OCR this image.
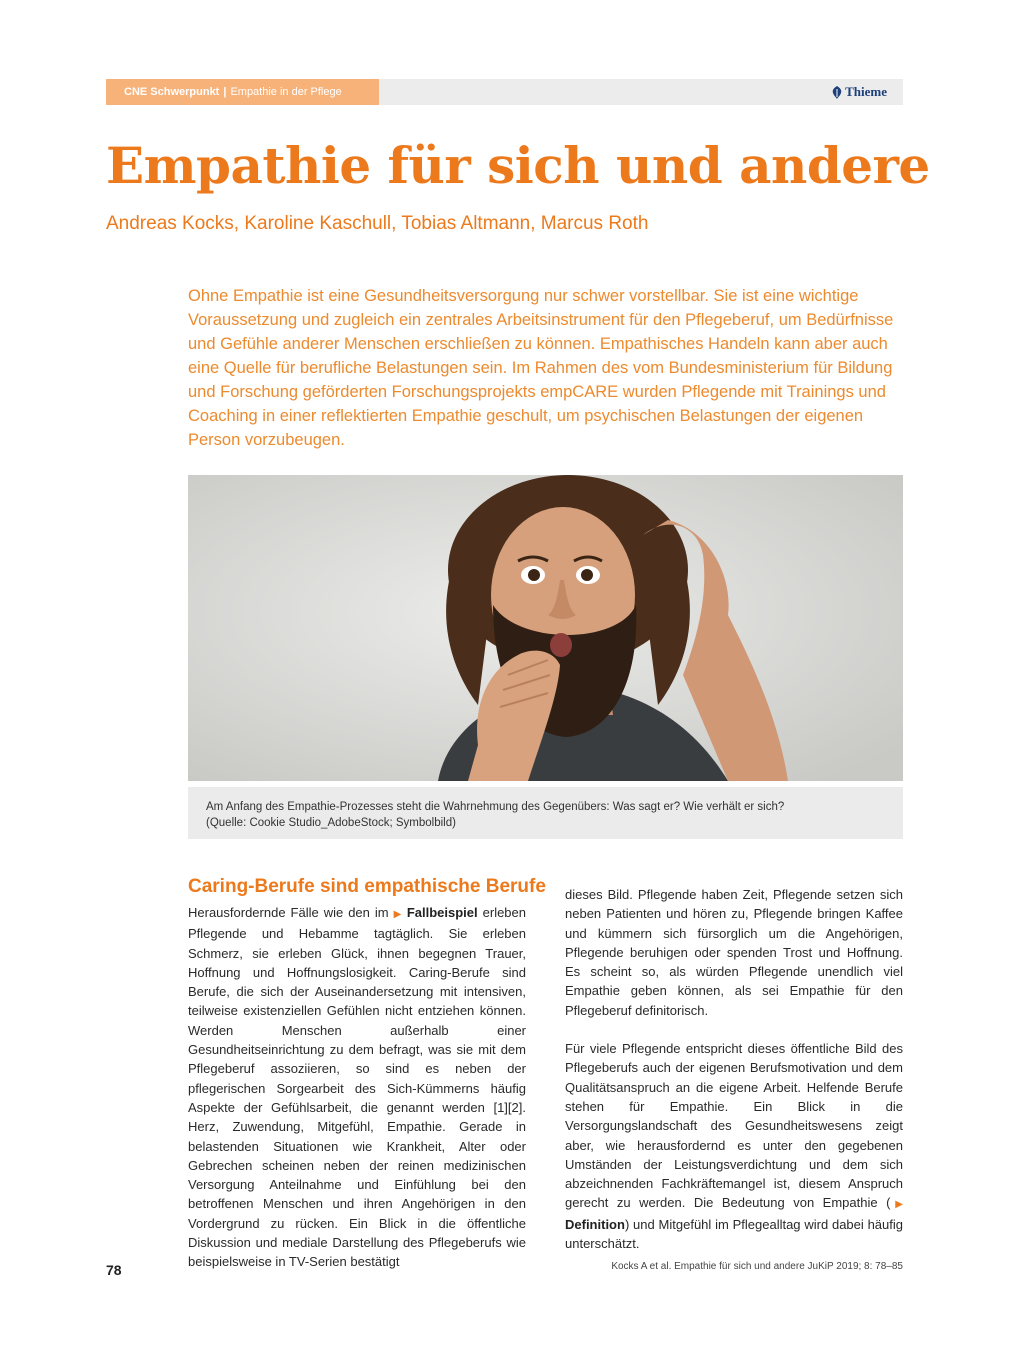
CNE Schwerpunkt | Empathie in der Pflege	Thieme
Empathie für sich und andere
Andreas Kocks, Karoline Kaschull, Tobias Altmann, Marcus Roth

Ohne Empathie ist eine Gesundheitsversorgung nur schwer vorstellbar. Sie ist eine wichtige Voraussetzung und zugleich ein zentrales Arbeitsinstrument für den Pflegeberuf, um Bedürfnisse und Gefühle anderer Menschen erschließen zu können. Empathisches Handeln kann aber auch eine Quelle für berufliche Belastungen sein. Im Rahmen des vom Bundesministerium für Bildung und Forschung geförderten Forschungsprojekts empCARE wurden Pflegende mit Trainings und Coaching in einer reflektierten Empathie geschult, um psychischen Belastungen der eigenen Person vorzubeugen.

Am Anfang des Empathie-Prozesses steht die Wahrnehmung des Gegenübers: Was sagt er? Wie verhält er sich?
(Quelle: Cookie Studio_AdobeStock; Symbolbild)
Caring-Berufe sind empathische Berufe

Herausfordernde Fälle wie den im ▶ Fallbeispiel erleben Pflegende und Hebamme tagtäglich. Sie erleben Schmerz, sie erleben Glück, ihnen begegnen Trauer, Hoffnung und Hoffnungslosigkeit. Caring-Berufe sind Berufe, die sich der Auseinandersetzung mit intensiven, teilweise existenziellen Gefühlen nicht entziehen können. Werden Menschen außerhalb einer Gesundheitseinrichtung zu dem befragt, was sie mit dem Pflegeberuf assoziieren, so sind es neben der pflegerischen Sorgearbeit des Sich-Kümmerns häufig Aspekte der Gefühlsarbeit, die genannt werden [1][2]. Herz, Zuwendung, Mitgefühl, Empathie. Gerade in belastenden Situationen wie Krankheit, Alter oder Gebrechen scheinen neben der reinen medizinischen Versorgung Anteilnahme und Einfühlung bei den betroffenen Menschen und ihren Angehörigen in den Vordergrund zu rücken. Ein Blick in die öffentliche Diskussion und mediale Darstellung des Pflegeberufs wie beispielsweise in TV-Serien bestätigt

dieses Bild. Pflegende haben Zeit, Pflegende setzen sich neben Patienten und hören zu, Pflegende bringen Kaffee und kümmern sich fürsorglich um die Angehörigen, Pflegende beruhigen oder spenden Trost und Hoffnung. Es scheint so, als würden Pflegende unendlich viel Empathie geben können, als sei Empathie für den Pflegeberuf definitorisch.

Für viele Pflegende entspricht dieses öffentliche Bild des Pflegeberufs auch der eigenen Berufsmotivation und dem Qualitätsanspruch an die eigene Arbeit. Helfende Berufe stehen für Empathie. Ein Blick in die Versorgungslandschaft des Gesundheitswesens zeigt aber, wie herausfordernd es unter den gegebenen Umständen der Leistungsverdichtung und dem sich abzeichnenden Fachkräftemangel ist, diesem Anspruch gerecht zu werden. Die Bedeutung von Empathie (▶ Definition) und Mitgefühl im Pflegealltag wird dabei häufig unterschätzt.

78	Kocks A et al. Empathie für sich und andere JuKiP 2019; 8: 78–85
